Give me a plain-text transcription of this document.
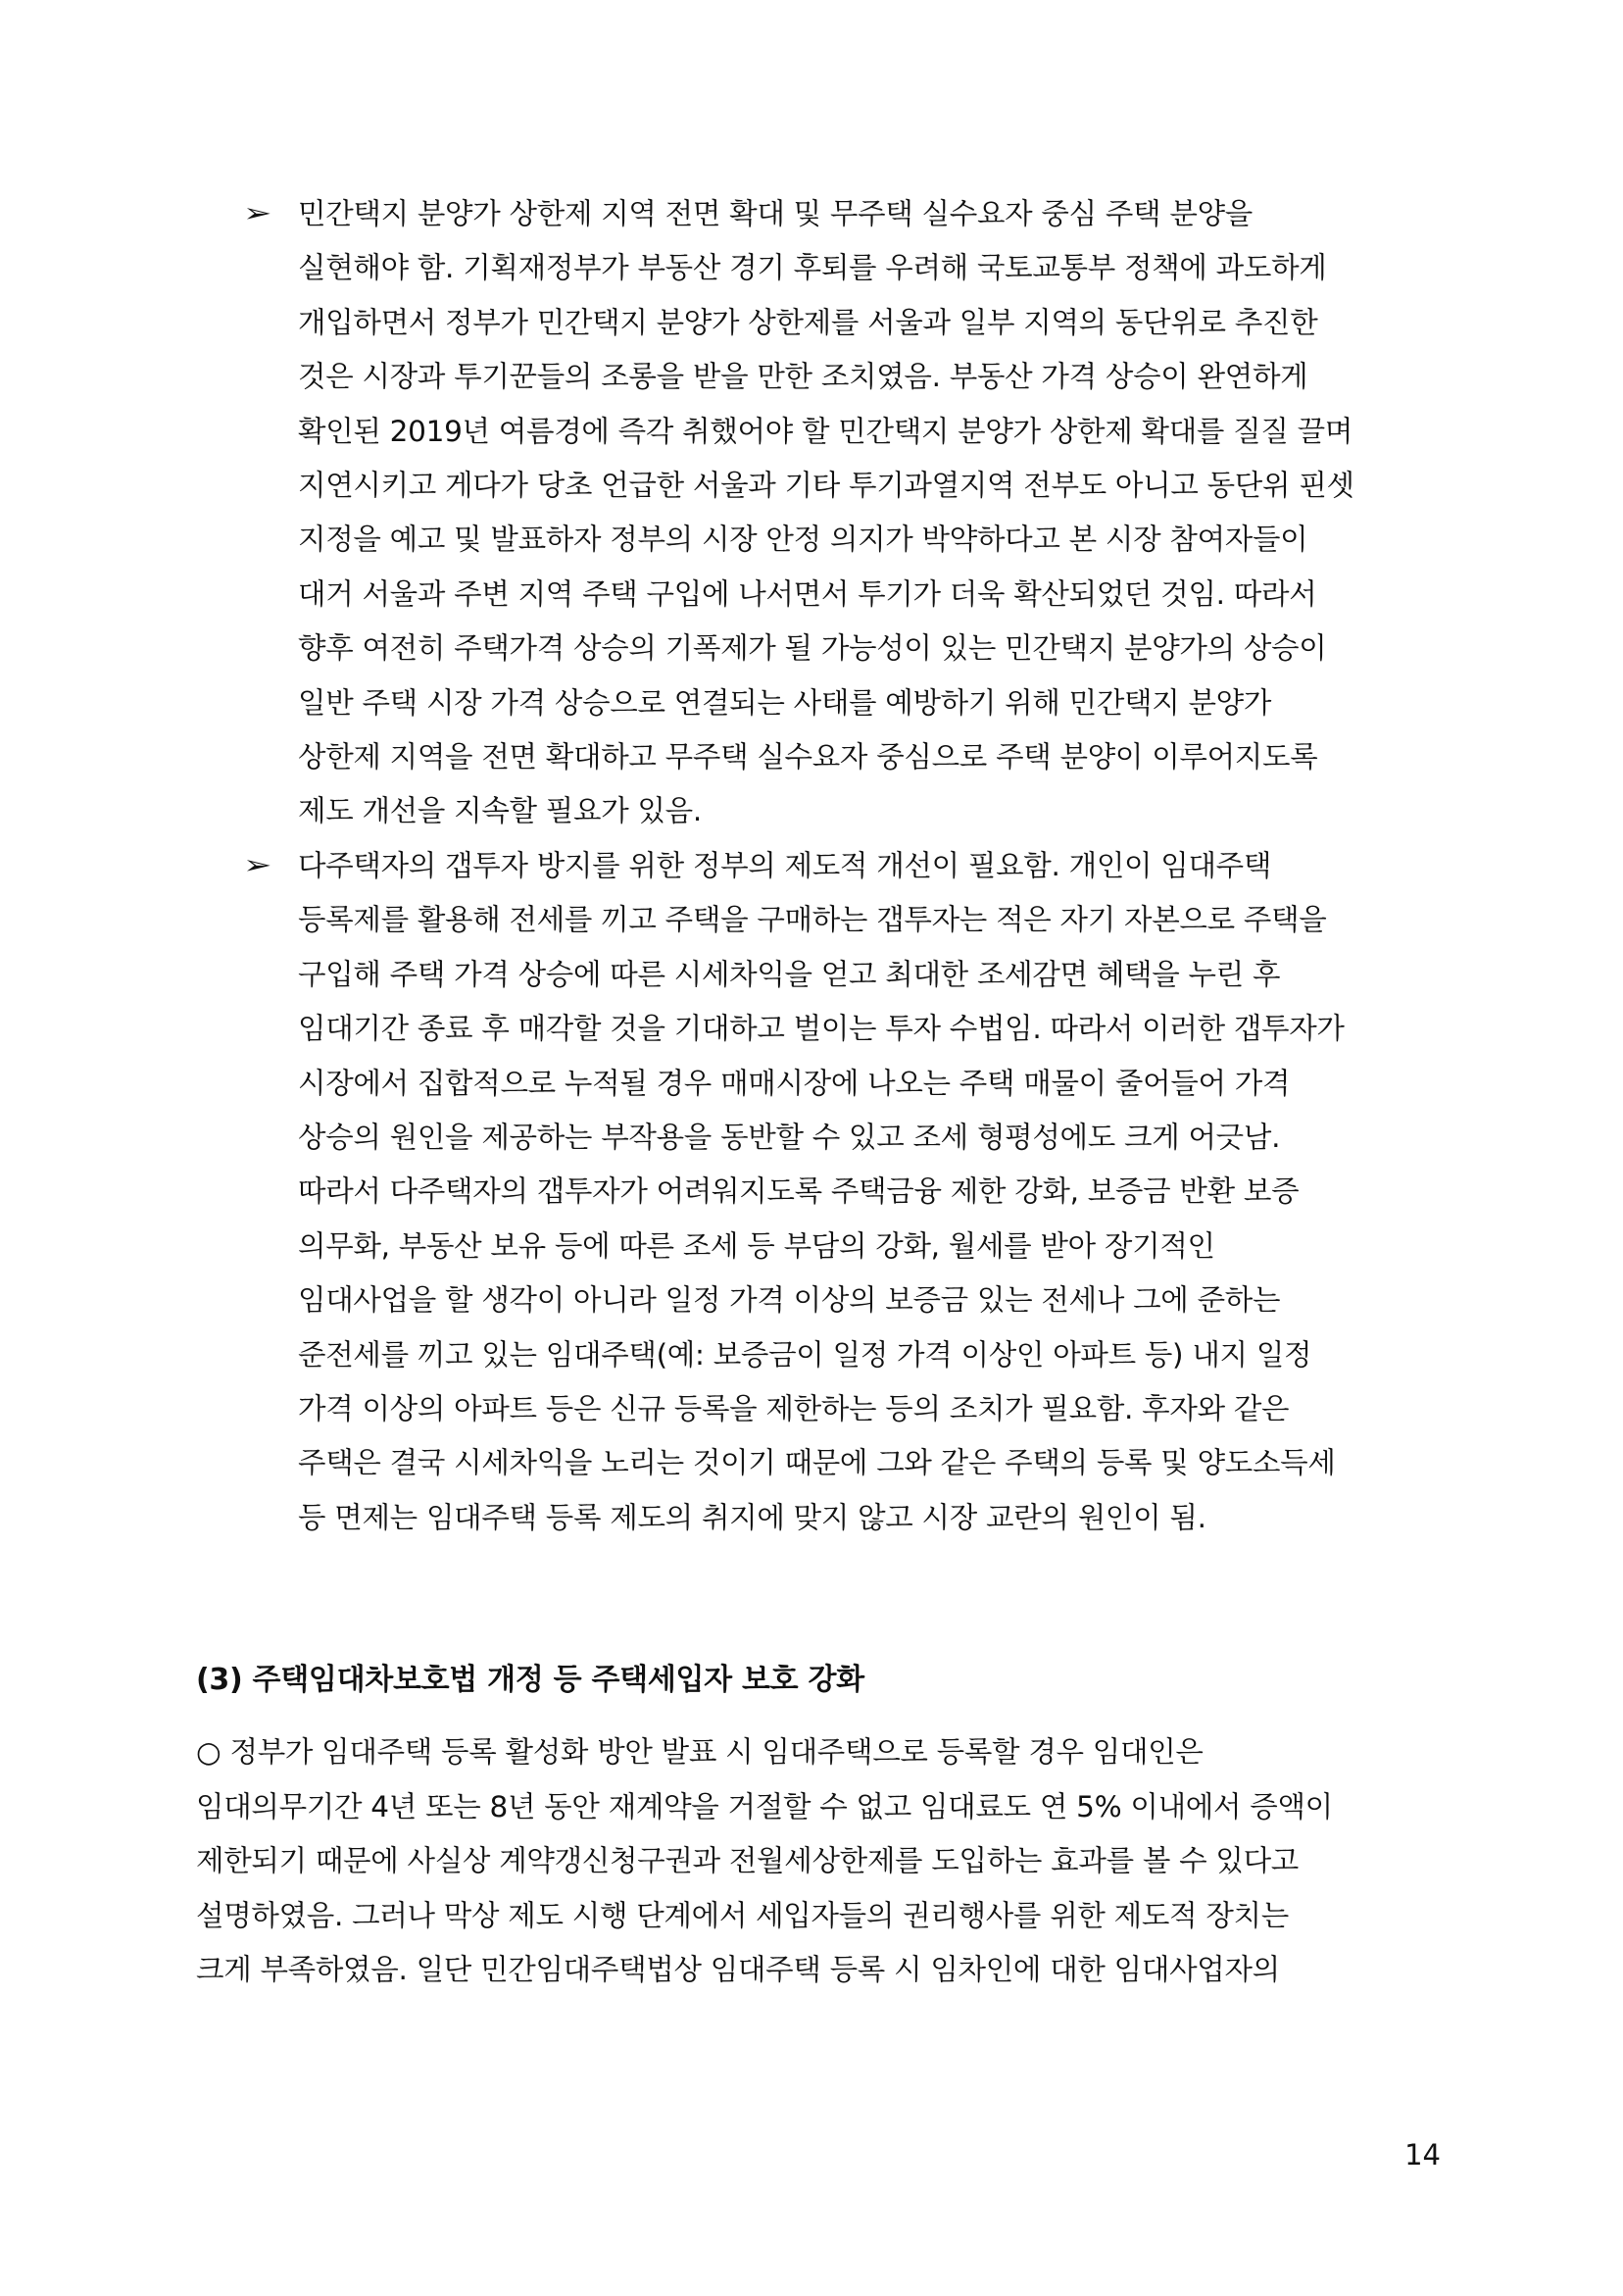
➢ 민간택지 분양가 상한제 지역 전면 확대 및 무주택 실수요자 중심 주택 분양을
실현해야 함. 기획재정부가 부동산 경기 후퇴를 우려해 국토교통부 정책에 과도하게
개입하면서 정부가 민간택지 분양가 상한제를 서울과 일부 지역의 동단위로 추진한
것은 시장과 투기꾼들의 조롱을 받을 만한 조치였음. 부동산 가격 상승이 완연하게
확인된 2019년 여름경에 즉각 취했어야 할 민간택지 분양가 상한제 확대를 질질 끌며
지연시키고 게다가 당초 언급한 서울과 기타 투기과열지역 전부도 아니고 동단위 핀셋
지정을 예고 및 발표하자 정부의 시장 안정 의지가 박약하다고 본 시장 참여자들이
대거 서울과 주변 지역 주택 구입에 나서면서 투기가 더욱 확산되었던 것임. 따라서
향후 여전히 주택가격 상승의 기폭제가 될 가능성이 있는 민간택지 분양가의 상승이
일반 주택 시장 가격 상승으로 연결되는 사태를 예방하기 위해 민간택지 분양가
상한제 지역을 전면 확대하고 무주택 실수요자 중심으로 주택 분양이 이루어지도록
제도 개선을 지속할 필요가 있음.
➢ 다주택자의 갭투자 방지를 위한 정부의 제도적 개선이 필요함. 개인이 임대주택
등록제를 활용해 전세를 끼고 주택을 구매하는 갭투자는 적은 자기 자본으로 주택을
구입해 주택 가격 상승에 따른 시세차익을 얻고 최대한 조세감면 혜택을 누린 후
임대기간 종료 후 매각할 것을 기대하고 벌이는 투자 수법임. 따라서 이러한 갭투자가
시장에서 집합적으로 누적될 경우 매매시장에 나오는 주택 매물이 줄어들어 가격
상승의 원인을 제공하는 부작용을 동반할 수 있고 조세 형평성에도 크게 어긋남.
따라서 다주택자의 갭투자가 어려워지도록 주택금융 제한 강화, 보증금 반환 보증
의무화, 부동산 보유 등에 따른 조세 등 부담의 강화, 월세를 받아 장기적인
임대사업을 할 생각이 아니라 일정 가격 이상의 보증금 있는 전세나 그에 준하는
준전세를 끼고 있는 임대주택(예: 보증금이 일정 가격 이상인 아파트 등) 내지 일정
가격 이상의 아파트 등은 신규 등록을 제한하는 등의 조치가 필요함. 후자와 같은
주택은 결국 시세차익을 노리는 것이기 때문에 그와 같은 주택의 등록 및 양도소득세
등 면제는 임대주택 등록 제도의 취지에 맞지 않고 시장 교란의 원인이 됨.
(3) 주택임대차보호법 개정 등 주택세입자 보호 강화
○ 정부가 임대주택 등록 활성화 방안 발표 시 임대주택으로 등록할 경우 임대인은
임대의무기간 4년 또는 8년 동안 재계약을 거절할 수 없고 임대료도 연 5% 이내에서 증액이
제한되기 때문에 사실상 계약갱신청구권과 전월세상한제를 도입하는 효과를 볼 수 있다고
설명하였음. 그러나 막상 제도 시행 단계에서 세입자들의 권리행사를 위한 제도적 장치는
크게 부족하였음. 일단 민간임대주택법상 임대주택 등록 시 임차인에 대한 임대사업자의
14
